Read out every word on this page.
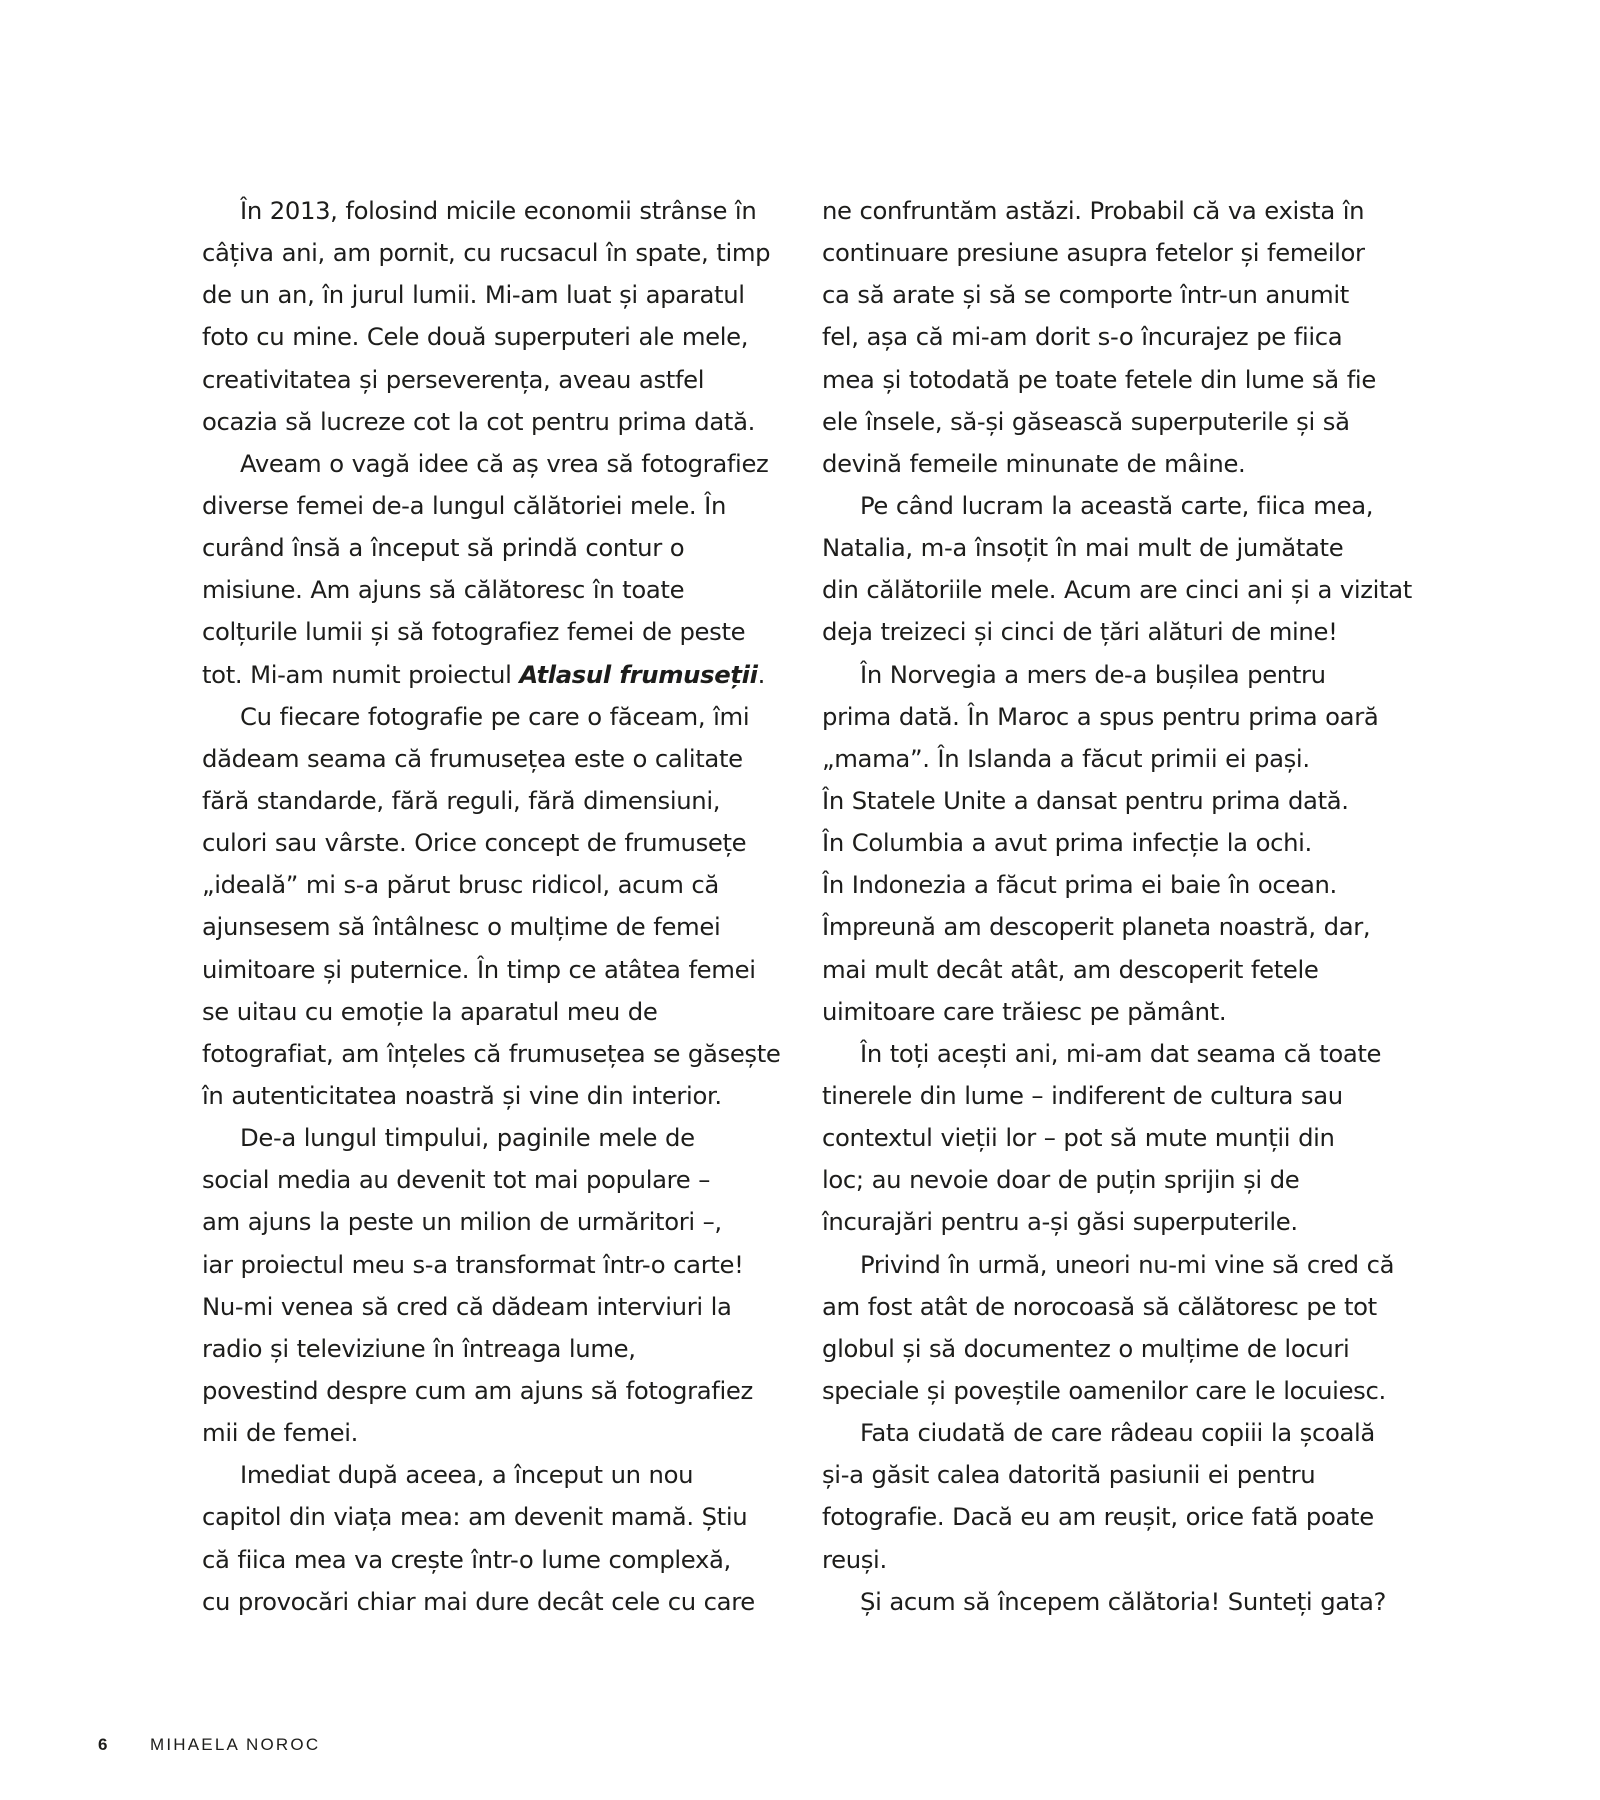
În 2013, folosind micile economii strânse în
câțiva ani, am pornit, cu rucsacul în spate, timp
de un an, în jurul lumii. Mi-am luat și aparatul
foto cu mine. Cele două superputeri ale mele,
creativitatea și perseverența, aveau astfel
ocazia să lucreze cot la cot pentru prima dată.
Aveam o vagă idee că aș vrea să fotografiez
diverse femei de-a lungul călătoriei mele. În
curând însă a început să prindă contur o
misiune. Am ajuns să călătoresc în toate
colțurile lumii și să fotografiez femei de peste
tot. Mi-am numit proiectul Atlasul frumuseții.
Cu fiecare fotografie pe care o făceam, îmi
dădeam seama că frumusețea este o calitate
fără standarde, fără reguli, fără dimensiuni,
culori sau vârste. Orice concept de frumusețe
„ideală” mi s-a părut brusc ridicol, acum că
ajunsesem să întâlnesc o mulțime de femei
uimitoare și puternice. În timp ce atâtea femei
se uitau cu emoție la aparatul meu de
fotografiat, am înțeles că frumusețea se găsește
în autenticitatea noastră și vine din interior.
De-a lungul timpului, paginile mele de
social media au devenit tot mai populare –
am ajuns la peste un milion de urmăritori –,
iar proiectul meu s-a transformat într-o carte!
Nu-mi venea să cred că dădeam interviuri la
radio și televiziune în întreaga lume,
povestind despre cum am ajuns să fotografiez
mii de femei.
Imediat după aceea, a început un nou
capitol din viața mea: am devenit mamă. Știu
că fiica mea va crește într-o lume complexă,
cu provocări chiar mai dure decât cele cu care
ne confruntăm astăzi. Probabil că va exista în
continuare presiune asupra fetelor și femeilor
ca să arate și să se comporte într-un anumit
fel, așa că mi-am dorit s-o încurajez pe fiica
mea și totodată pe toate fetele din lume să fie
ele însele, să-și găsească superputerile și să
devină femeile minunate de mâine.
Pe când lucram la această carte, fiica mea,
Natalia, m-a însoțit în mai mult de jumătate
din călătoriile mele. Acum are cinci ani și a vizitat
deja treizeci și cinci de țări alături de mine!
În Norvegia a mers de-a bușilea pentru
prima dată. În Maroc a spus pentru prima oară
„mama”. În Islanda a făcut primii ei pași.
În Statele Unite a dansat pentru prima dată.
În Columbia a avut prima infecție la ochi.
În Indonezia a făcut prima ei baie în ocean.
Împreună am descoperit planeta noastră, dar,
mai mult decât atât, am descoperit fetele
uimitoare care trăiesc pe pământ.
În toți acești ani, mi-am dat seama că toate
tinerele din lume – indiferent de cultura sau
contextul vieții lor – pot să mute munții din
loc; au nevoie doar de puțin sprijin și de
încurajări pentru a-și găsi superputerile.
Privind în urmă, uneori nu-mi vine să cred că
am fost atât de norocoasă să călătoresc pe tot
globul și să documentez o mulțime de locuri
speciale și poveștile oamenilor care le locuiesc.
Fata ciudată de care râdeau copiii la școală
și-a găsit calea datorită pasiunii ei pentru
fotografie. Dacă eu am reușit, orice fată poate
reuși.
Și acum să începem călătoria! Sunteți gata?
6	MIHAELA NOROC
